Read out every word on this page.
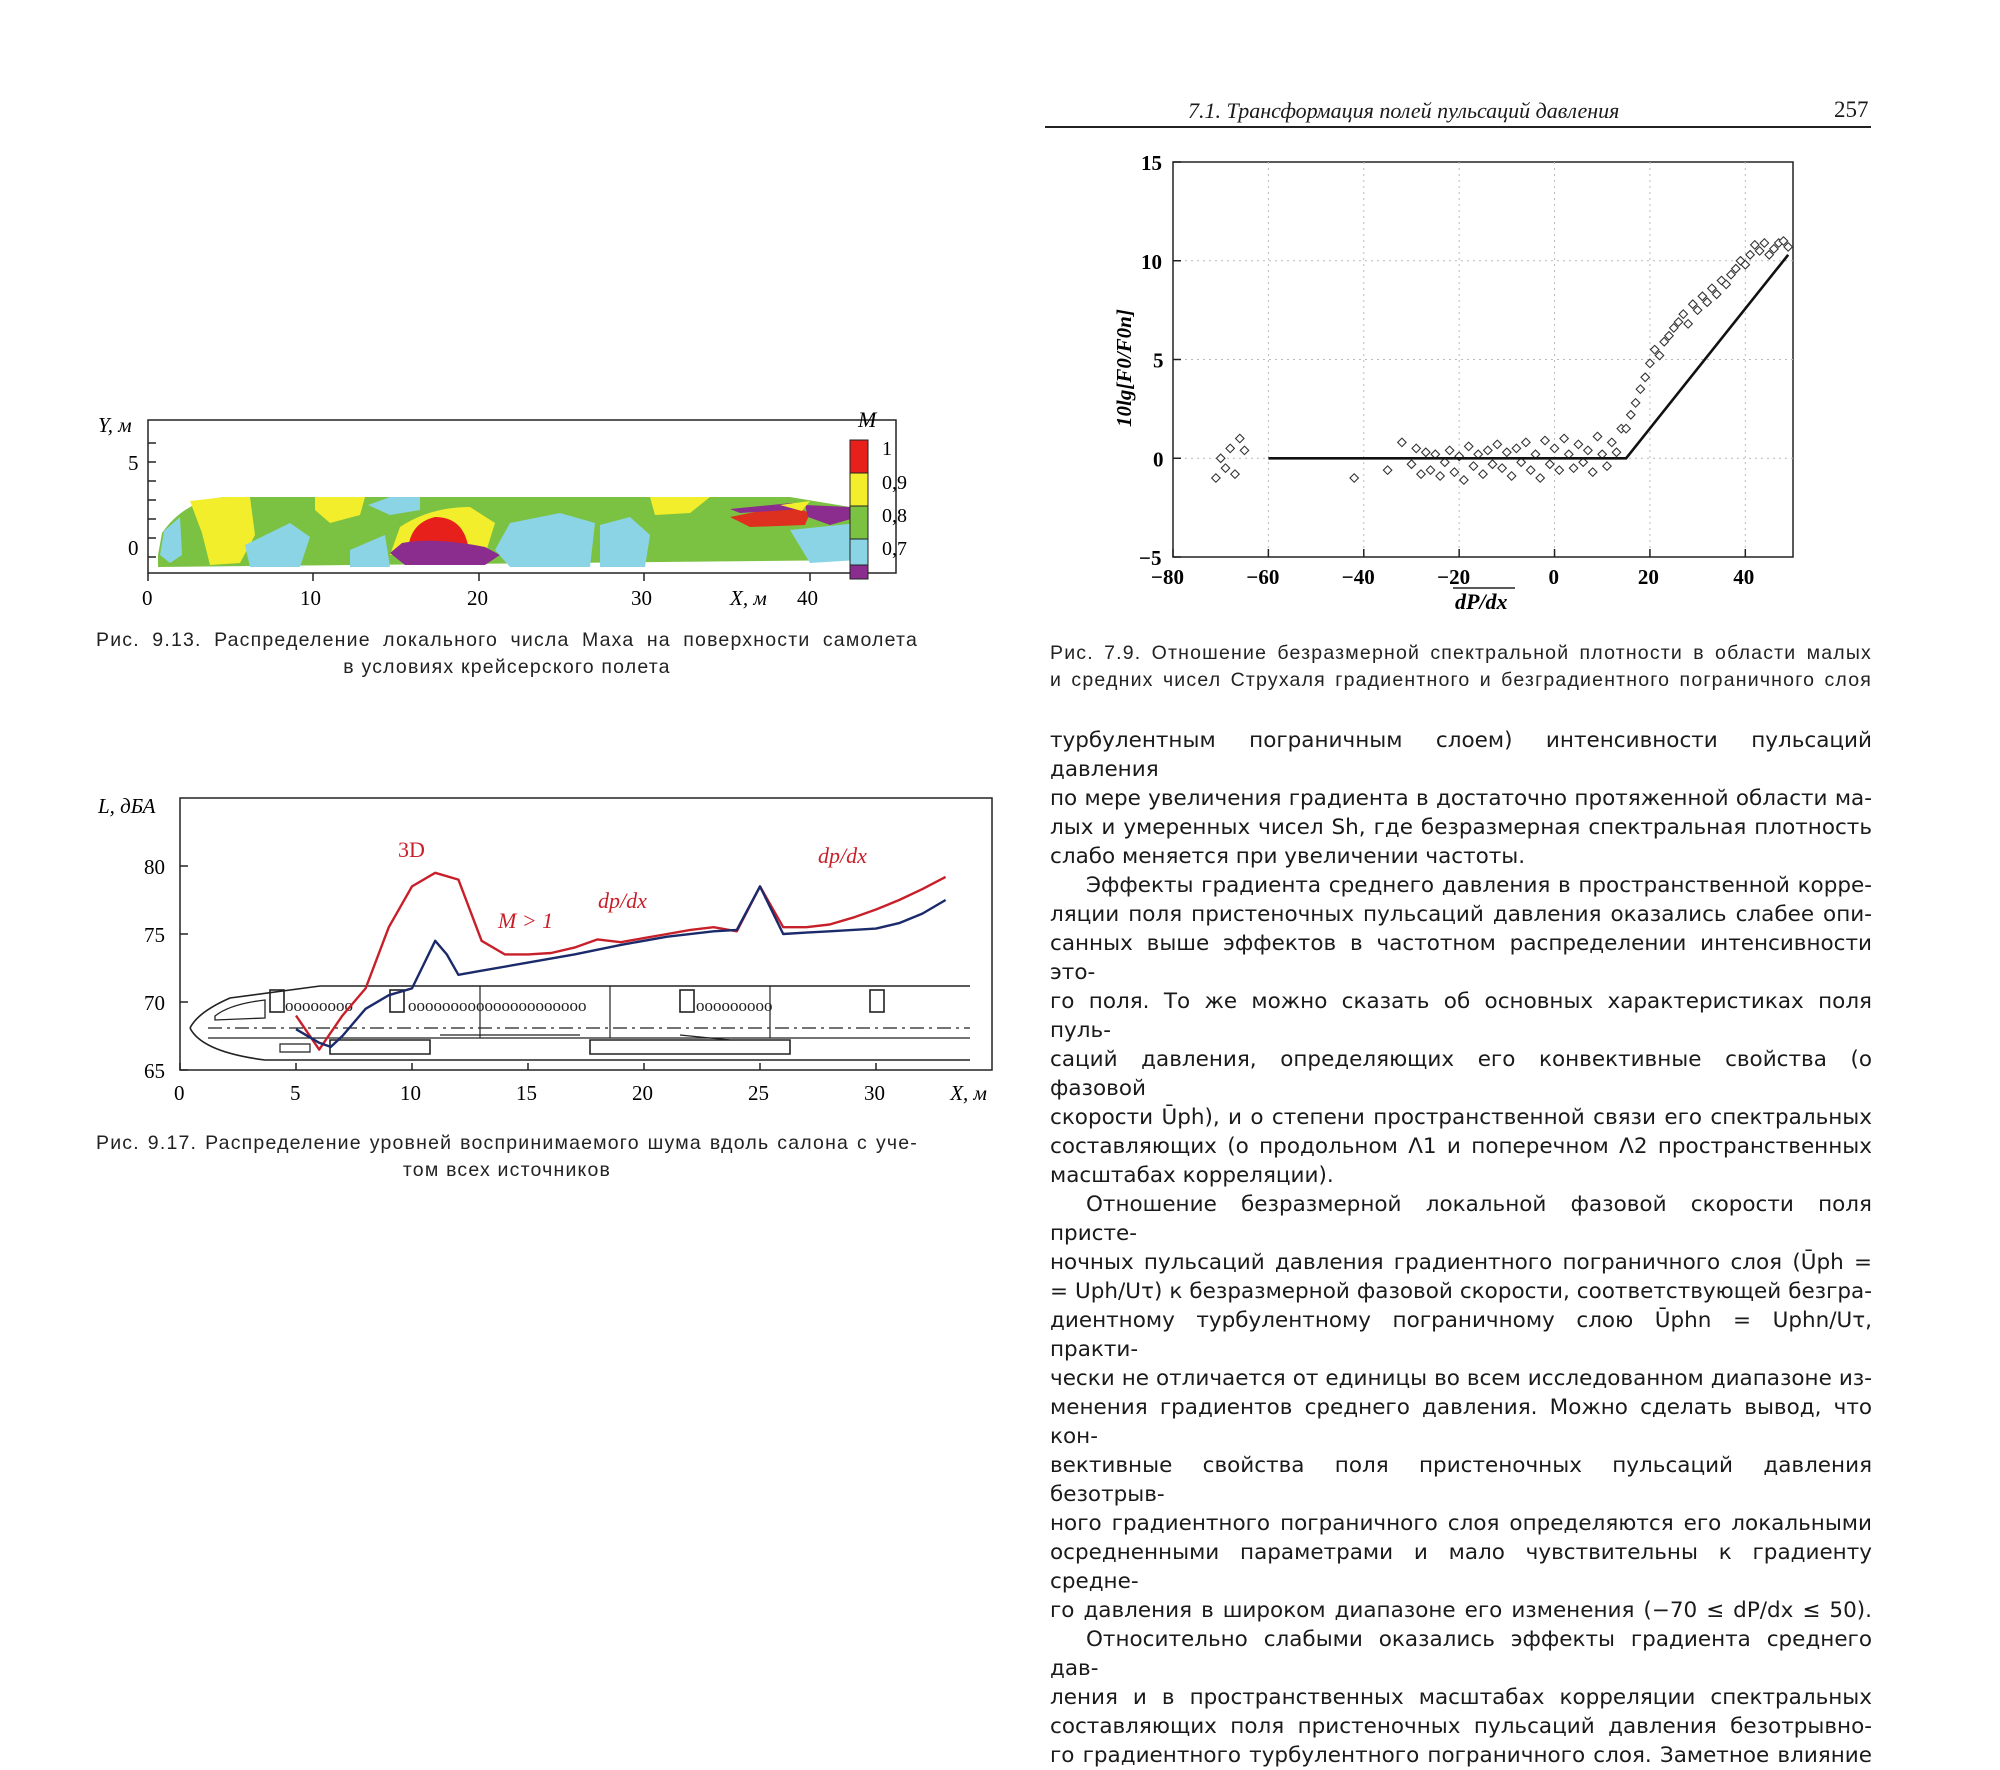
7.1. Трансформация полей пульсаций давления	257
Y, м
5
0
0	10	20	30	X, м 40
M
1
0,9
0,8
0,7
Рис. 9.13. Распределение локального числа Маха на поверхности самолета
в условиях крейсерского полета
L, дБА
0	5	10	15	20	25	30	X, м
80
75
70
65
oooooooo	ooooooooooooooooooooo	ooooooooo
3D
M > 1
dp/dx
dp/dx
Рис. 9.17. Распределение уровней воспринимаемого шума вдоль салона с уче-
том всех источников
10lg[F0/F0n]
−80	−60	−40	−20	0	20	40
15
10
5
0
−5
dP/dx
Рис. 7.9. Отношение безразмерной спектральной плотности в области малых
и средних чисел Струхаля градиентного и безградиентного пограничного слоя

турбулентным пограничным слоем) интенсивности пульсаций давления

по мере увеличения градиента в достаточно протяженной области ма-

лых и умеренных чисел Sh, где безразмерная спектральная плотность

слабо меняется при увеличении частоты.

Эффекты градиента среднего давления в пространственной корре-

ляции поля пристеночных пульсаций давления оказались слабее опи-

санных выше эффектов в частотном распределении интенсивности это-

го поля. То же можно сказать об основных характеристиках поля пуль-

саций давления, определяющих его конвективные свойства (о фазовой

скорости Ūph), и о степени пространственной связи его спектральных

составляющих (о продольном Λ1 и поперечном Λ2 пространственных

масштабах корреляции).

Отношение безразмерной локальной фазовой скорости поля присте-

ночных пульсаций давления градиентного пограничного слоя (Ūph =

= Uph/Uτ) к безразмерной фазовой скорости, соответствующей безгра-

диентному турбулентному пограничному слою Ūphn = Uphn/Uτ, практи-

чески не отличается от единицы во всем исследованном диапазоне из-

менения градиентов среднего давления. Можно сделать вывод, что кон-

вективные свойства поля пристеночных пульсаций давления безотрыв-

ного градиентного пограничного слоя определяются его локальными

осредненными параметрами и мало чувствительны к градиенту средне-

го давления в широком диапазоне его изменения (−70 ≤ dP/dx ≤ 50).

Относительно слабыми оказались эффекты градиента среднего дав-

ления и в пространственных масштабах корреляции спектральных

составляющих поля пристеночных пульсаций давления безотрывно-

го градиентного турбулентного пограничного слоя. Заметное влияние
